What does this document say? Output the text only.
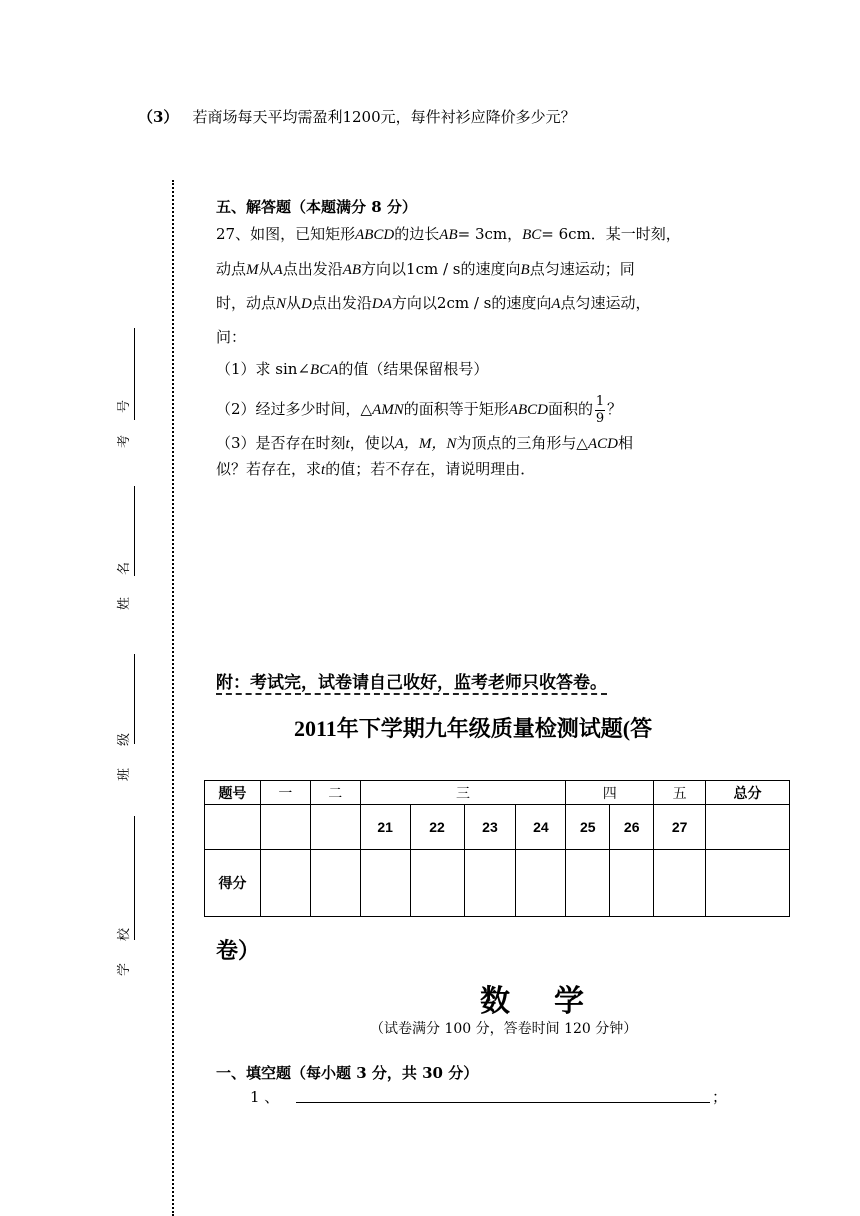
（3） 若商场每天平均需盈利1200元，每件衬衫应降价多少元？
号
考
名
姓
级
班
校
学
五、解答题（本题满分 8 分）
27、如图，已知矩形ABCD的边长AB= 3cm，BC= 6cm．某一时刻，
动点M从A点出发沿AB方向以1cm / s的速度向B点匀速运动；同
时，动点N从D点出发沿DA方向以2cm / s的速度向A点匀速运动，
问：
（1）求 sin∠BCA的值（结果保留根号）
（2）经过多少时间，△AMN的面积等于矩形ABCD面积的 $\frac{1}{9}$ ？
（3）是否存在时刻t，使以A，M，N为顶点的三角形与△ACD相
似？若存在，求t的值；若不存在，请说明理由．
附：考试完，试卷请自己收好，监考老师只收答卷。
2011年下学期九年级质量检测试题(答
题号	一	二	三				四		五	总分
			21	22	23	24	25	26	27	
得分										
卷）
数学
（试卷满分 100 分，答卷时间 120 分钟）
一、填空题（每小题 3 分，共 30 分）
1 、	；
